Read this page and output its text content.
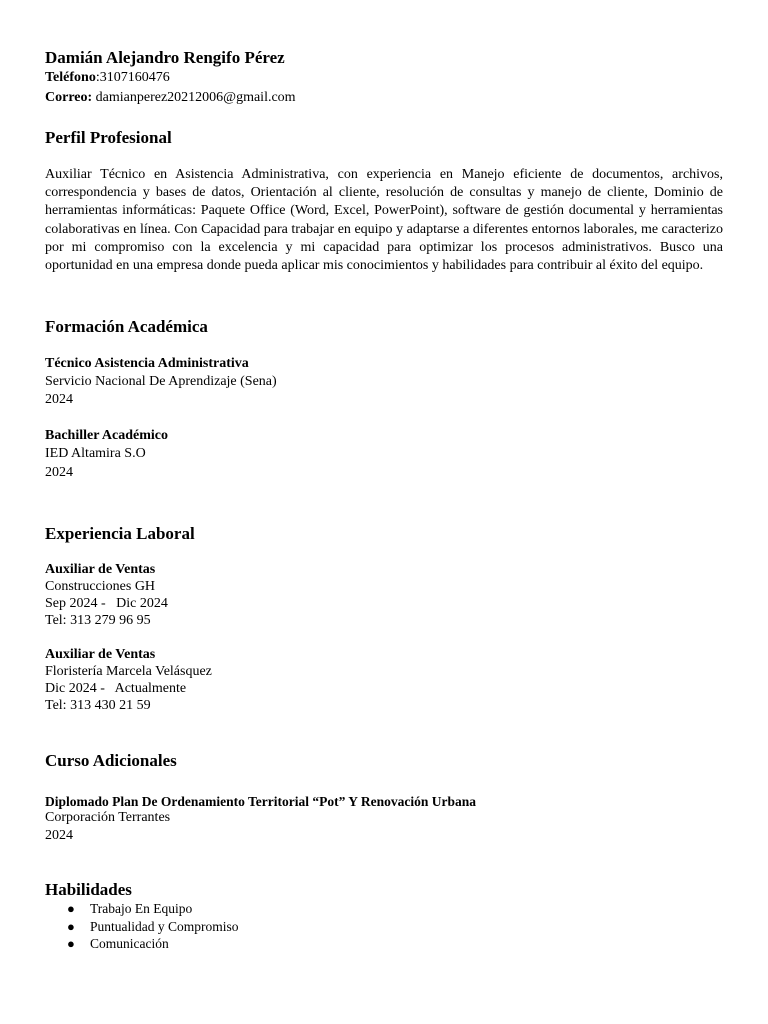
Damián Alejandro Rengifo Pérez
Teléfono:3107160476
Correo: damianperez20212006@gmail.com
Perfil Profesional
Auxiliar Técnico en Asistencia Administrativa, con experiencia en Manejo eficiente de documentos, archivos, correspondencia y bases de datos, Orientación al cliente, resolución de consultas y manejo de cliente, Dominio de herramientas informáticas: Paquete Office (Word, Excel, PowerPoint), software de gestión documental y herramientas colaborativas en línea. Con Capacidad para trabajar en equipo y adaptarse a diferentes entornos laborales, me caracterizo por mi compromiso con la excelencia y mi capacidad para optimizar los procesos administrativos. Busco una oportunidad en una empresa donde pueda aplicar mis conocimientos y habilidades para contribuir al éxito del equipo.
Formación Académica
Técnico Asistencia Administrativa
Servicio Nacional De Aprendizaje (Sena)
2024
Bachiller Académico
IED Altamira S.O
2024
Experiencia Laboral
Auxiliar de Ventas
Construcciones GH
Sep 2024 -   Dic 2024
Tel: 313 279 96 95
Auxiliar de Ventas
Floristería Marcela Velásquez
Dic 2024 -   Actualmente
Tel: 313 430 21 59
Curso Adicionales
Diplomado Plan De Ordenamiento Territorial “Pot” Y Renovación Urbana
Corporación Terrantes
2024
Habilidades
● Trabajo En Equipo
● Puntualidad y Compromiso
● Comunicación
